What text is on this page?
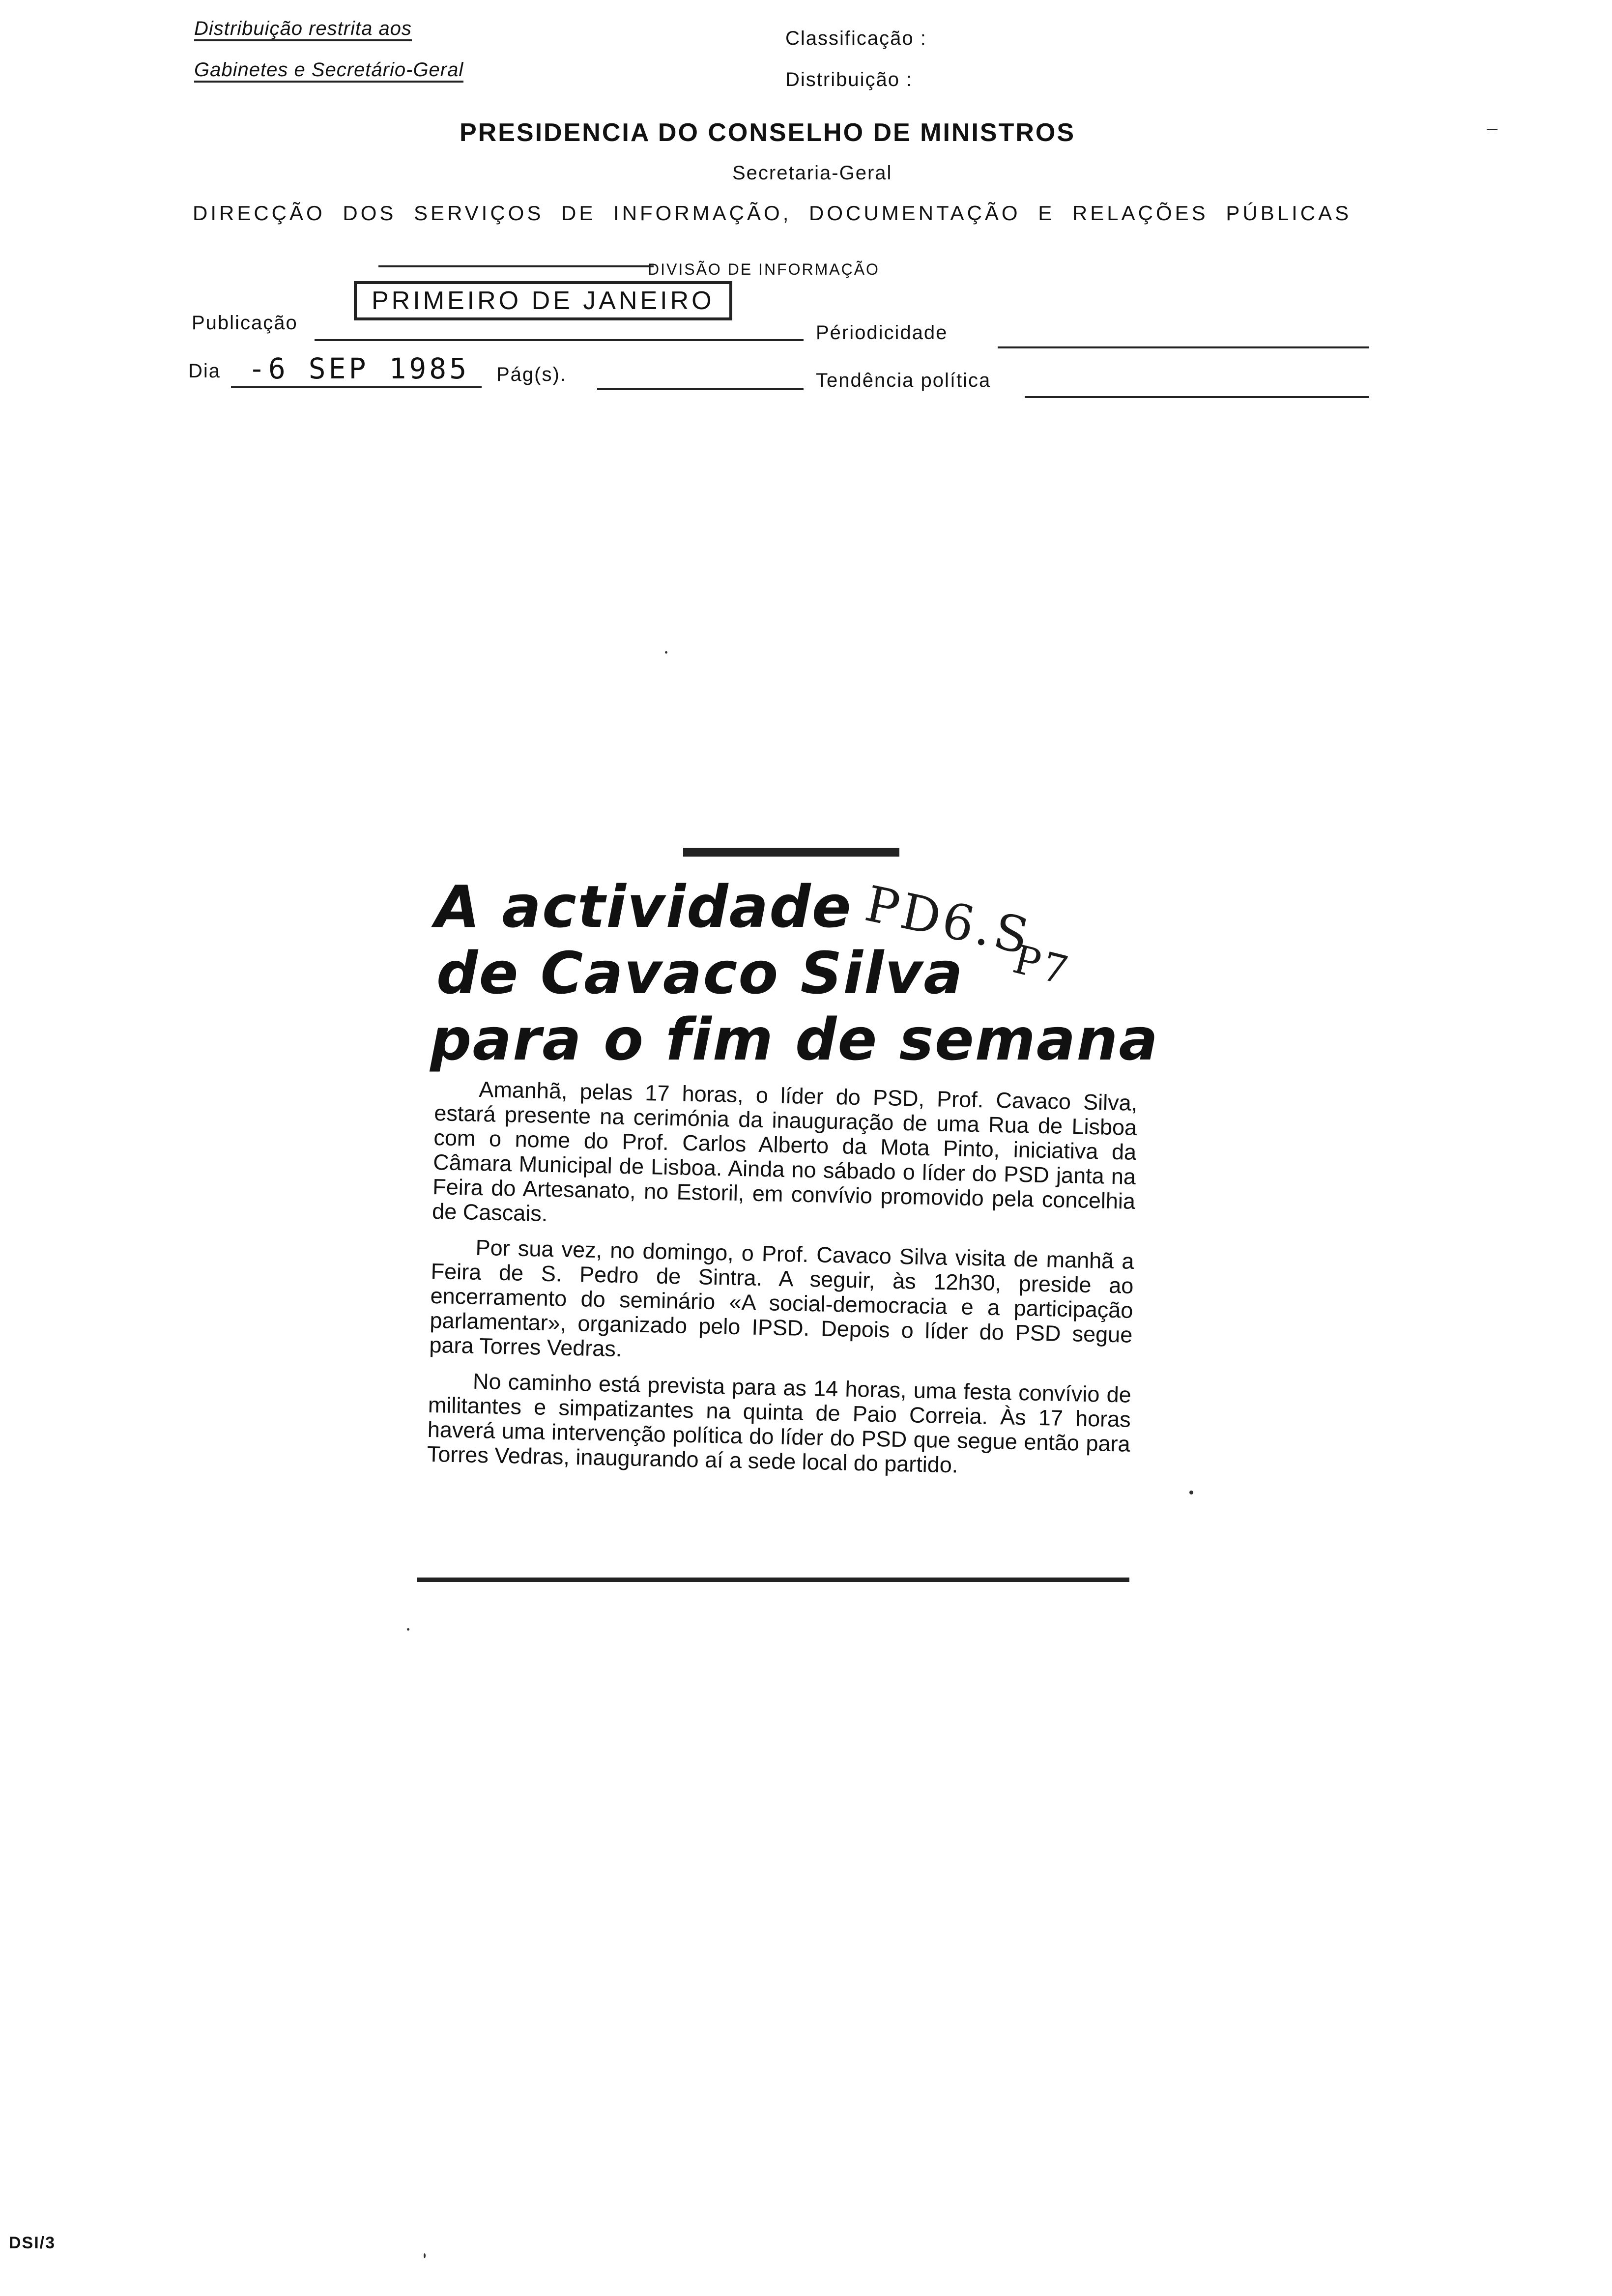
Distribuição restrita aos
Gabinetes e Secretário-Geral
Classificação :
Distribuição :
PRESIDENCIA DO CONSELHO DE MINISTROS
Secretaria-Geral
DIRECÇÃO DOS SERVIÇOS DE INFORMAÇÃO, DOCUMENTAÇÃO E RELAÇÕES PÚBLICAS
DIVISÃO DE INFORMAÇÃO
Publicação
PRIMEIRO DE JANEIRO
Périodicidade
Dia -6 SEP 1985 Pág(s).	Tendência política
A actividade
de Cavaco Silva
para o fim de semana
PD6.S
P7

Amanhã, pelas 17 horas, o líder do PSD, Prof. Cavaco Silva, estará presente na cerimónia da inauguração de uma Rua de Lisboa com o nome do Prof. Carlos Alberto da Mota Pinto, iniciativa da Câmara Municipal de Lisboa. Ainda no sábado o líder do PSD janta na Feira do Artesanato, no Estoril, em convívio promovido pela concelhia de Cascais.

Por sua vez, no domingo, o Prof. Cavaco Silva visita de manhã a Feira de S. Pedro de Sintra. A seguir, às 12h30, preside ao encerramento do seminário «A social-democracia e a participação parlamentar», organizado pelo IPSD. Depois o líder do PSD segue para Torres Vedras.

No caminho está prevista para as 14 horas, uma festa convívio de militantes e simpatizantes na quinta de Paio Correia. Às 17 horas haverá uma intervenção política do líder do PSD que segue então para Torres Vedras, inaugurando aí a sede local do partido.

DSI/3
